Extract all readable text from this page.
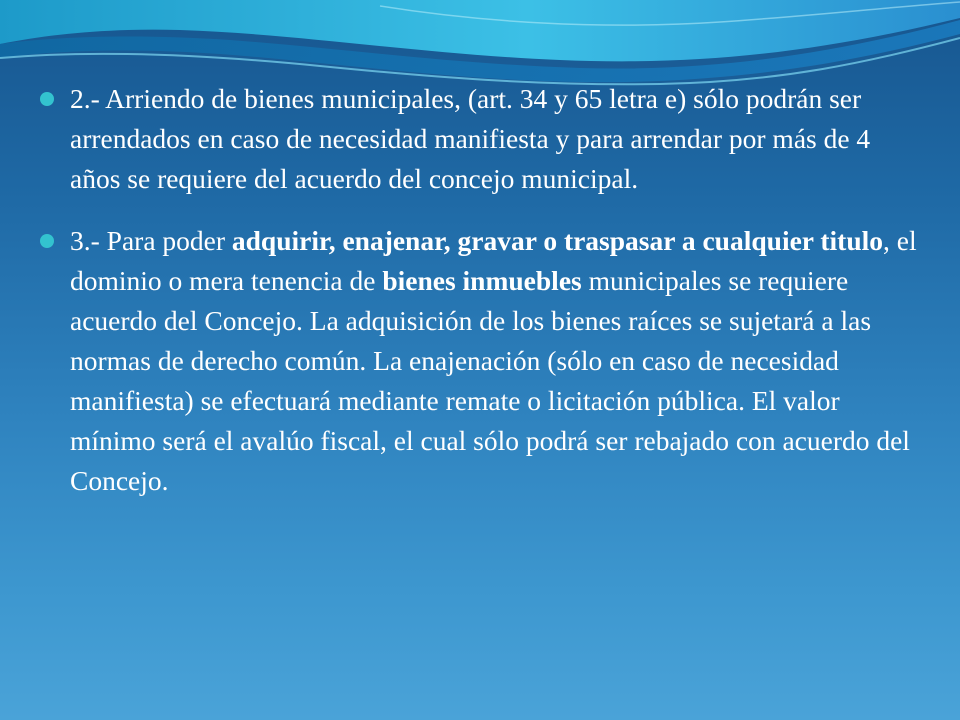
2.- Arriendo de bienes municipales, (art. 34 y 65 letra e) sólo podrán ser arrendados en caso de necesidad manifiesta y para arrendar por más de 4 años se requiere del acuerdo del concejo municipal.
3.- Para poder adquirir, enajenar, gravar o traspasar a cualquier titulo, el dominio o mera tenencia de bienes inmuebles municipales se requiere acuerdo del Concejo. La adquisición de los bienes raíces se sujetará a las normas de derecho común. La enajenación (sólo en caso de necesidad manifiesta) se efectuará mediante remate o licitación pública. El valor mínimo será el avalúo fiscal, el cual sólo podrá ser rebajado con acuerdo del Concejo.
